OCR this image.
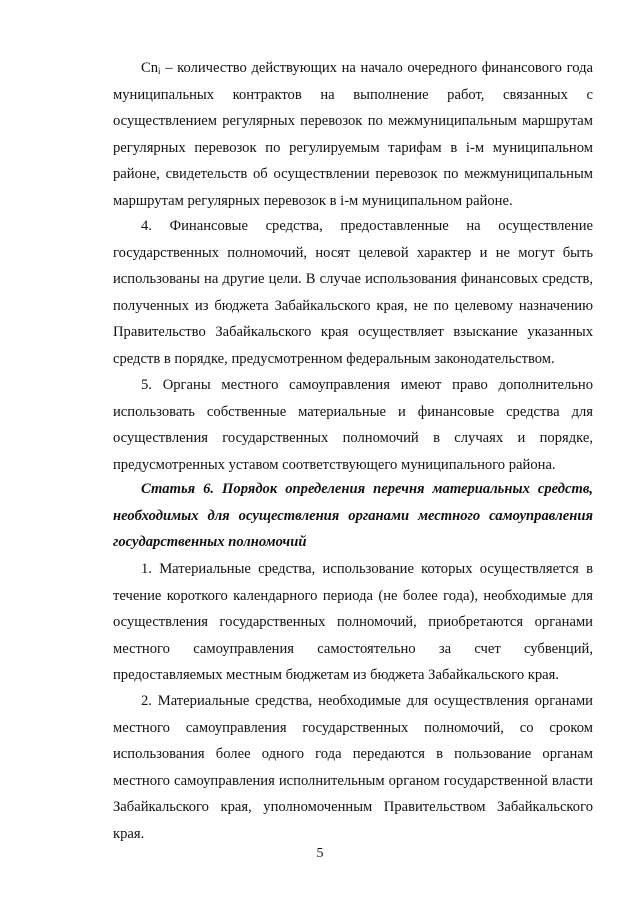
$Cn_i$ – количество действующих на начало очередного финансового года муниципальных контрактов на выполнение работ, связанных с осуществлением регулярных перевозок по межмуниципальным маршрутам регулярных перевозок по регулируемым тарифам в i-м муниципальном районе, свидетельств об осуществлении перевозок по межмуниципальным маршрутам регулярных перевозок в i-м муниципальном районе.

4. Финансовые средства, предоставленные на осуществление государственных полномочий, носят целевой характер и не могут быть использованы на другие цели. В случае использования финансовых средств, полученных из бюджета Забайкальского края, не по целевому назначению Правительство Забайкальского края осуществляет взыскание указанных средств в порядке, предусмотренном федеральным законодательством.

5. Органы местного самоуправления имеют право дополнительно использовать собственные материальные и финансовые средства для осуществления государственных полномочий в случаях и порядке, предусмотренных уставом соответствующего муниципального района.

Статья 6. Порядок определения перечня материальных средств, необходимых для осуществления органами местного самоуправления государственных полномочий

1. Материальные средства, использование которых осуществляется в течение короткого календарного периода (не более года), необходимые для осуществления государственных полномочий, приобретаются органами местного самоуправления самостоятельно за счет субвенций, предоставляемых местным бюджетам из бюджета Забайкальского края.

2. Материальные средства, необходимые для осуществления органами местного самоуправления государственных полномочий, со сроком использования более одного года передаются в пользование органам местного самоуправления исполнительным органом государственной власти Забайкальского края, уполномоченным Правительством Забайкальского края.

5
